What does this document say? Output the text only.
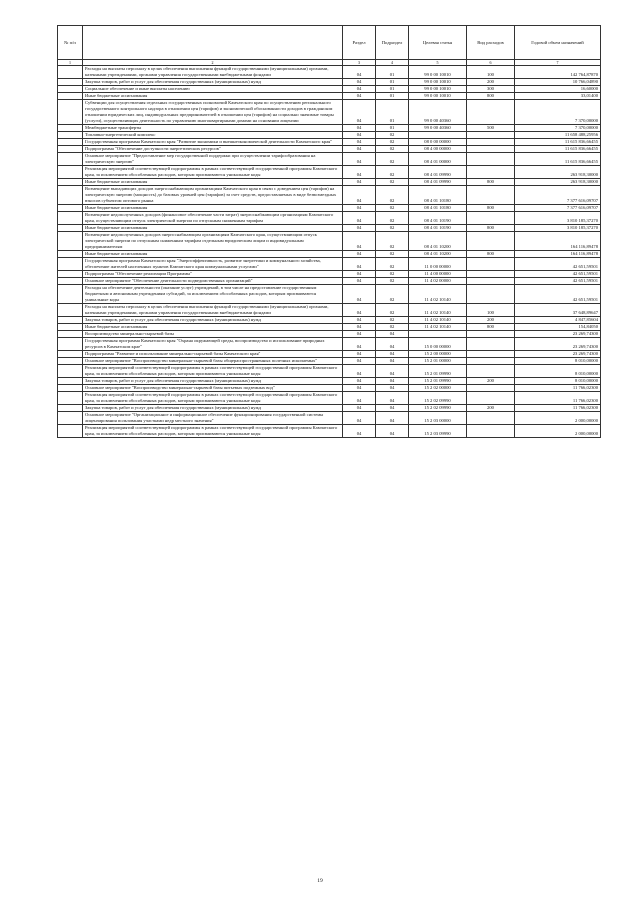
№ п/п		Раздел	Подраздел	Целевая статья	Вид расходов	Годовой объем назначений
1	2	3	4	5	6	7
	Расходы на выплаты персоналу в целях обеспечения выполнения функций государственными (муниципальными) органами, казенными учреждениями, органами управления государственными внебюджетными фондами	04	01	99 0 00 10010	100	142 764,87870
	Закупка товаров, работ и услуг для обеспечения государственных (муниципальных) нужд	04	01	99 0 00 10010	200	10 766,04890
	Социальное обеспечение и иные выплаты населению	04	01	99 0 00 10010	300	16,60000
	Иные бюджетные ассигнования	04	01	99 0 00 10010	800	33,01400
	Субвенции для осуществления отдельных государственных полномочий Камчатского края по осуществлению регионального государственного контрольного надзора в отношении цен (тарифов) и экономической обоснованности доходов в гражданском отношении юридических лиц, индивидуальных предпринимателей в отношении цен (тарифов) на социально значимые товары (услуги), осуществляющих деятельность по управлению многоквартирными домами на основании лицензии	04	01	99 0 00 40360		7 370,00000
	Межбюджетные трансферты	04	01	99 0 00 40360	500	7 370,00000
	Топливно-энергетический комплекс	04	02			11 658 488,25956
	Государственная программа Камчатского края "Развитие экономики и внешнеэкономической деятельности Камчатского края"	04	02	08 0 00 00000		11 615 836,66455
	Подпрограмма "Обеспечение доступности энергетических ресурсов"	04	02	08 4 00 00000		11 615 836,66455
	Основное мероприятие "Предоставление мер государственной поддержки при осуществлении тарифообразования на электрическую энергию"	04	02	08 4 01 00000		11 615 836,66455
	Реализация мероприятий соответствующей подпрограммы в рамках соответствующей государственной программы Камчатского края, за исключением обособленных расходов, которым присваиваются уникальные коды	04	02	08 4 01 09990		263 918,30000
	Иные бюджетные ассигнования	04	02	08 4 01 09990	800	263 918,30000
	Возмещение выпадающих доходов энергоснабжающим организациям Камчатского края в связи с доведением цен (тарифов) на электрическую энергию (мощность) до базовых уровней цен (тарифов) за счет средств, предоставляемых в виде безвозмездных взносов субъектом оптового рынка	04	02	08 4 01 10180		7 377 616,09707
	Иные бюджетные ассигнования	04	02	08 4 01 10180	800	7 377 616,09707
	Возмещение недополученных доходов (финансовое обеспечение части затрат) энергоснабжающим организациям Камчатского края, осуществляющим отпуск электрической энергии по отпускным сниженным тарифам	04	02	08 4 01 10190		3 810 185,37270
	Иные бюджетные ассигнования	04	02	08 4 01 10190	800	3 810 185,37270
	Возмещение недополученных доходов энергоснабжающим организациям Камчатского края, осуществляющим отпуск электрической энергии по отпускным сниженным тарифам отдельным юридическим лицам и индивидуальным предпринимателям	04	02	08 4 01 10200		164 116,89478
	Иные бюджетные ассигнования	04	02	08 4 01 10200	800	164 116,89478
	Государственная программа Камчатского края "Энергоэффективность, развитие энергетики и коммунального хозяйства, обеспечение жителей населенных пунктов Камчатского края коммунальными услугами"	04	02	11 0 00 00000		42 651,59501
	Подпрограмма "Обеспечение реализации Программы"	04	02	11 4 00 00000		42 651,59501
	Основное мероприятие "Обеспечение деятельности подведомственных организаций"	04	02	11 4 02 00000		42 651,59501
	Расходы на обеспечение деятельности (оказание услуг) учреждений, в том числе на предоставление государственным бюджетным и автономным учреждениям субсидий, за исключением обособленных расходов, которым присваиваются уникальные коды	04	02	11 4 02 10140		42 651,59501
	Расходы на выплаты персоналу в целях обеспечения выполнения функций государственными (муниципальными) органами, казенными учреждениями, органами управления государственными внебюджетными фондами	04	02	11 4 02 10140	100	37 648,89647
	Закупка товаров, работ и услуг для обеспечения государственных (муниципальных) нужд	04	02	11 4 02 10140	200	4 847,85604
	Иные бюджетные ассигнования	04	02	11 4 02 10140	800	154,84050
	Воспроизводство минерально-сырьевой базы	04	04			23 269,74300
	Государственная программа Камчатского края "Охрана окружающей среды, воспроизводство и использование природных ресурсов в Камчатском крае"	04	04	15 0 00 00000		23 269,74300
	Подпрограмма "Развитие и использование минерально-сырьевой базы Камчатского края"	04	04	15 2 00 00000		23 269,74300
	Основное мероприятие "Воспроизводство минерально-сырьевой базы общераспространенных полезных ископаемых"	04	04	15 2 01 00000		8 010,00000
	Реализация мероприятий соответствующей подпрограммы в рамках соответствующей государственной программы Камчатского края, за исключением обособленных расходов, которым присваиваются уникальные коды	04	04	15 2 01 09990		8 010,00000
	Закупка товаров, работ и услуг для обеспечения государственных (муниципальных) нужд	04	04	15 2 01 09990	200	8 010,00000
	Основное мероприятие "Воспроизводство минерально-сырьевой базы питьевых подземных вод"	04	04	15 2 02 00000		11 766,02300
	Реализация мероприятий соответствующей подпрограммы в рамках соответствующей государственной программы Камчатского края, за исключением обособленных расходов, которым присваиваются уникальные коды	04	04	15 2 02 09990		11 766,02300
	Закупка товаров, работ и услуг для обеспечения государственных (муниципальных) нужд	04	04	15 2 02 09990	200	11 766,02300
	Основное мероприятие "Организационное и информационное обеспечение функционирования государственной системы лицензирования пользования участками недр местного значения"	04	04	15 2 03 00000		2 000,00000
	Реализация мероприятий соответствующей подпрограммы в рамках соответствующей государственной программы Камчатского края, за исключением обособленных расходов, которым присваиваются уникальные коды	04	04	15 2 03 09990		2 000,00000
19
